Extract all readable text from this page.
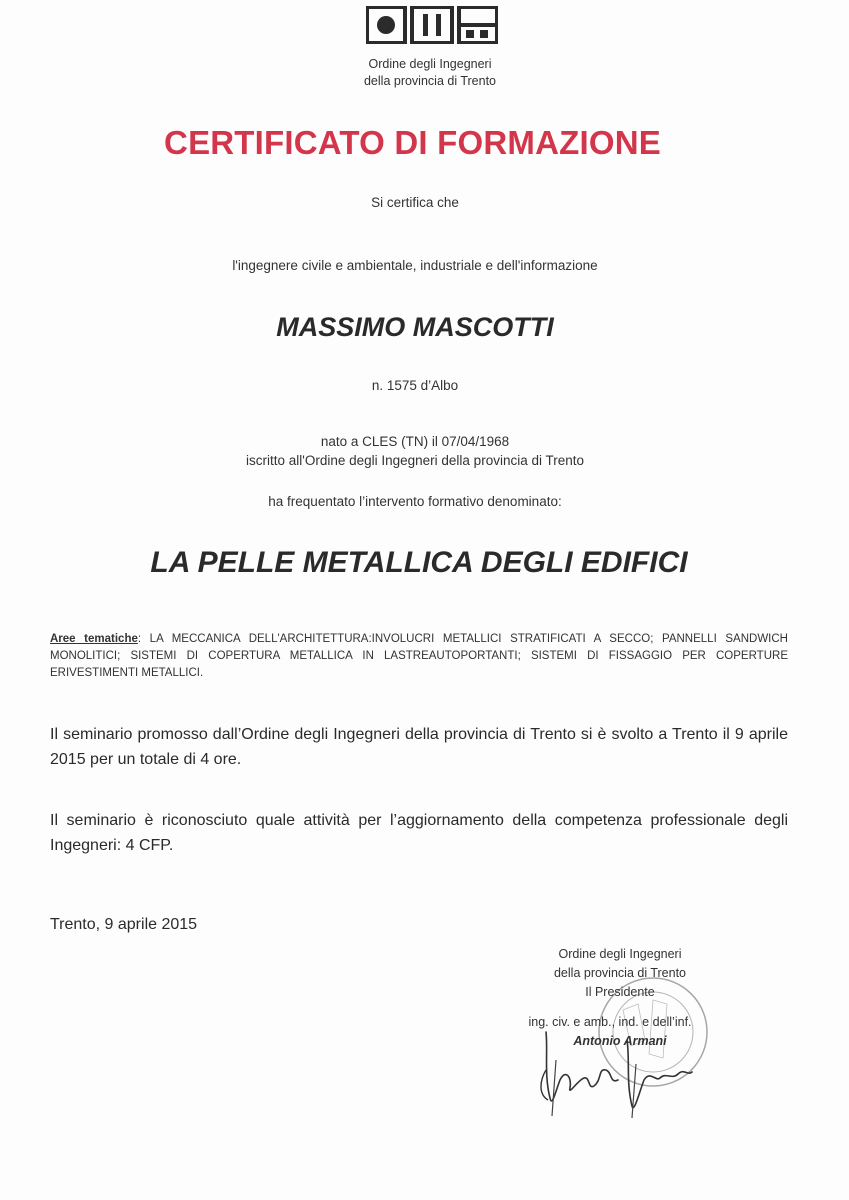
Ordine degli Ingegneri
della provincia di Trento
CERTIFICATO DI FORMAZIONE
Si certifica che
l'ingegnere civile e ambientale, industriale e dell'informazione
MASSIMO MASCOTTI
n. 1575 d’Albo
nato a CLES (TN) il 07/04/1968
iscritto all'Ordine degli Ingegneri della provincia di Trento
ha frequentato l’intervento formativo denominato:
LA PELLE METALLICA DEGLI EDIFICI
Aree tematiche: LA MECCANICA DELL'ARCHITETTURA:INVOLUCRI METALLICI STRATIFICATI A SECCO; PANNELLI SANDWICH MONOLITICI; SISTEMI DI COPERTURA METALLICA IN LASTREAUTOPORTANTI; SISTEMI DI FISSAGGIO PER COPERTURE ERIVESTIMENTI METALLICI.
Il seminario promosso dall’Ordine degli Ingegneri della provincia di Trento si è svolto a Trento il 9 aprile 2015 per un totale di 4 ore.
Il seminario è riconosciuto quale attività per l’aggiornamento della competenza professionale degli Ingegneri: 4 CFP.
Trento, 9 aprile 2015
Ordine degli Ingegneri
della provincia di Trento
Il Presidente
ing. civ. e amb., ind. e dell’inf.
Antonio Armani
